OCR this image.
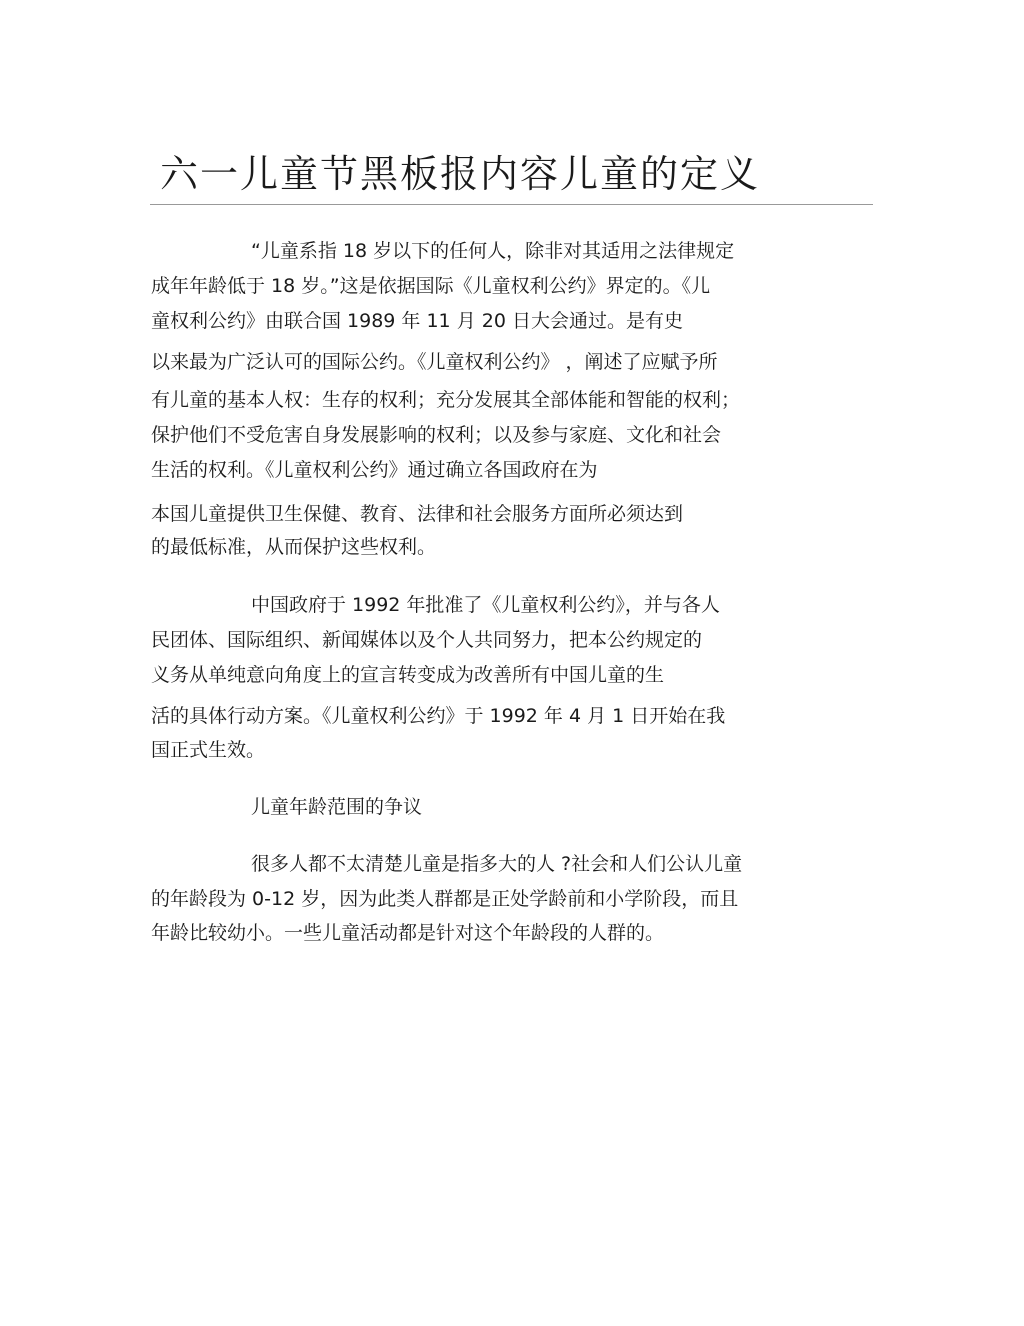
六一儿童节黑板报内容儿童的定义

“儿童系指 18 岁以下的任何人，除非对其适用之法律规定

成年年龄低于 18 岁。”这是依据国际《儿童权利公约》界定的。《儿

童权利公约》由联合国 1989 年 11 月 20 日大会通过。是有史

以来最为广泛认可的国际公约。《儿童权利公约》 ，阐述了应赋予所

有儿童的基本人权：生存的权利；充分发展其全部体能和智能的权利；

保护他们不受危害自身发展影响的权利；以及参与家庭、文化和社会

生活的权利。《儿童权利公约》通过确立各国政府在为

本国儿童提供卫生保健、教育、法律和社会服务方面所必须达到

的最低标准，从而保护这些权利。

中国政府于 1992 年批准了《儿童权利公约》，并与各人

民团体、国际组织、新闻媒体以及个人共同努力，把本公约规定的

义务从单纯意向角度上的宣言转变成为改善所有中国儿童的生

活的具体行动方案。《儿童权利公约》于 1992 年 4 月 1 日开始在我

国正式生效。

儿童年龄范围的争议

很多人都不太清楚儿童是指多大的人 ?社会和人们公认儿童

的年龄段为 0-12 岁，因为此类人群都是正处学龄前和小学阶段，而且

年龄比较幼小。一些儿童活动都是针对这个年龄段的人群的。
